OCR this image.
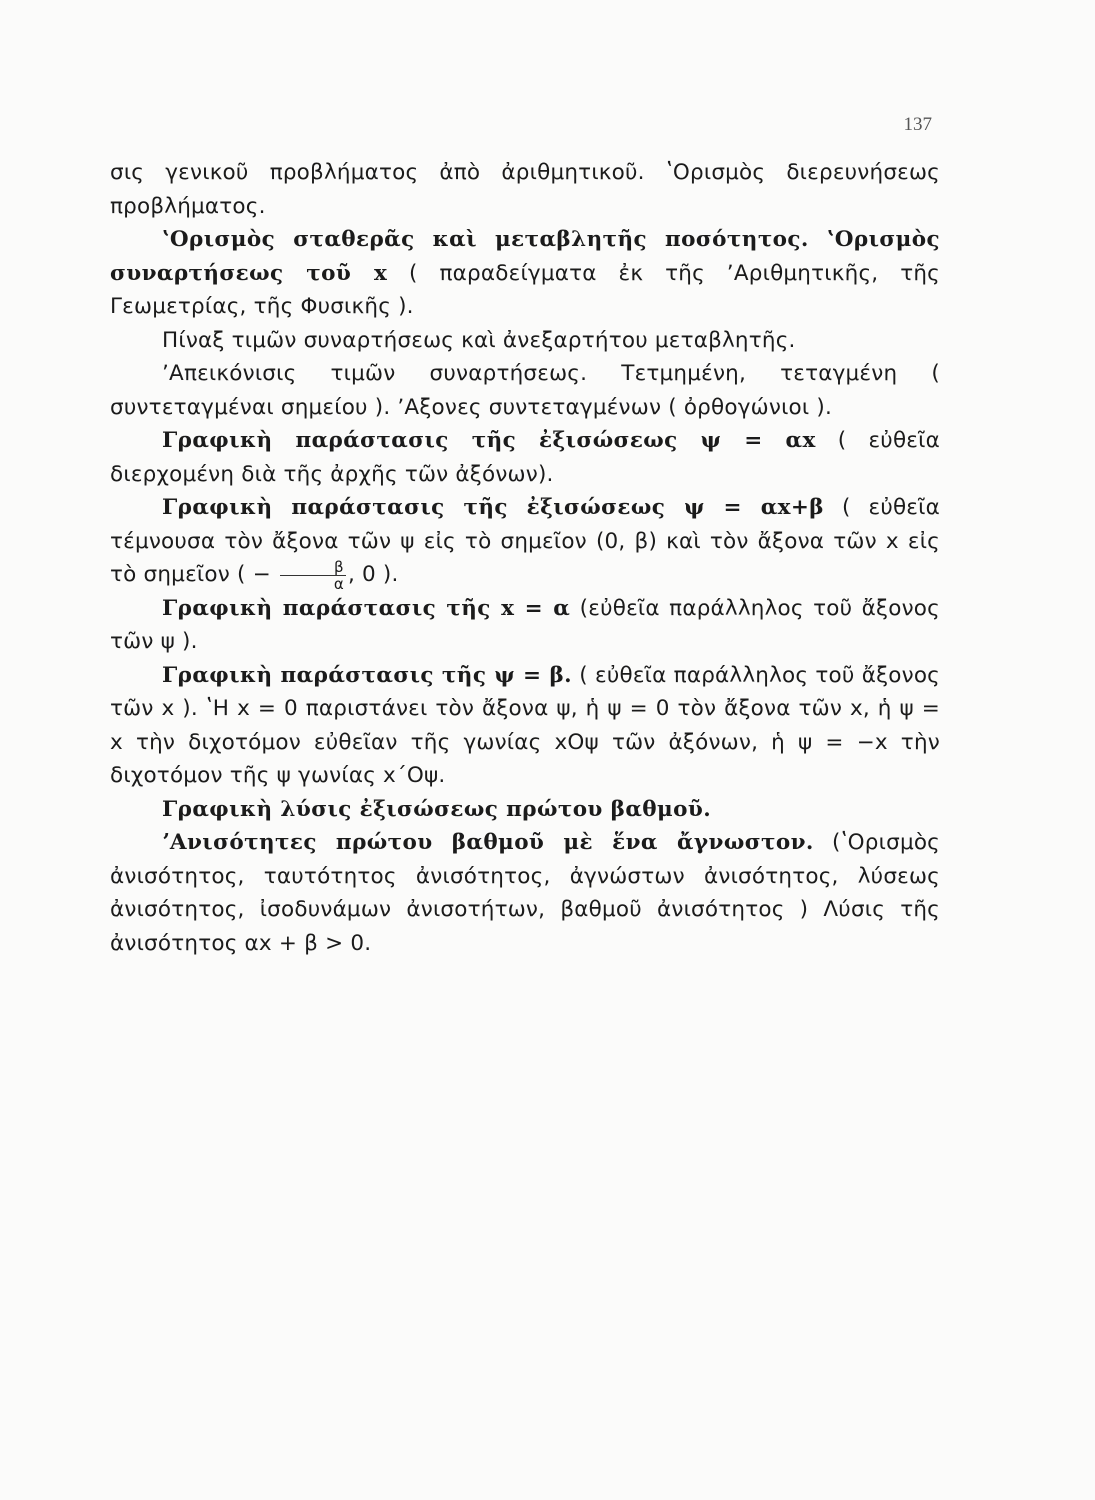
137

σις γενικοῦ προβλήματος ἀπὸ ἀριθμητικοῦ. ʽΟρισμὸς διερευνήσεως προβλήματος.

ʽΟρισμὸς σταθερᾶς καὶ μεταβλητῆς ποσότητος. ʽΟρισμὸς συναρτήσεως τοῦ x ( παραδείγματα ἐκ τῆς ʼΑριθμητικῆς, τῆς Γεωμετρίας, τῆς Φυσικῆς ).

Πίναξ τιμῶν συναρτήσεως καὶ ἀνεξαρτήτου μεταβλητῆς.

ʼΑπεικόνισις τιμῶν συναρτήσεως. Τετμημένη, τεταγμένη ( συντεταγμέναι σημείου ). ʼΑξονες συντεταγμένων ( ὀρθογώνιοι ).

Γραφικὴ παράστασις τῆς ἐξισώσεως ψ = αx ( εὐθεῖα διερχομένη διὰ τῆς ἀρχῆς τῶν ἀξόνων).

Γραφικὴ παράστασις τῆς ἐξισώσεως ψ = αx+β ( εὐθεῖα τέμνουσα τὸν ἄξονα τῶν ψ εἰς τὸ σημεῖον (0, β) καὶ τὸν ἄξονα τῶν x εἰς τὸ σημεῖον ( − $\frac{\beta}{\alpha}$ , 0 ).

Γραφικὴ παράστασις τῆς x = α (εὐθεῖα παράλληλος τοῦ ἄξονος τῶν ψ ).

Γραφικὴ παράστασις τῆς ψ = β. ( εὐθεῖα παράλληλος τοῦ ἄξονος τῶν x ). ʽΗ x = 0 παριστάνει τὸν ἄξονα ψ, ἡ ψ = 0 τὸν ἄξονα τῶν x, ἡ ψ = x τὴν διχοτόμον εὐθεῖαν τῆς γωνίας xOψ τῶν ἀξόνων, ἡ ψ = −x τὴν διχοτόμον τῆς ψ γωνίας x΄Oψ.

Γραφικὴ λύσις ἐξισώσεως πρώτου βαθμοῦ.

ʼΑνισότητες πρώτου βαθμοῦ μὲ ἕνα ἄγνωστον. (ʽΟρισμὸς ἀνισότητος, ταυτότητος ἀνισότητος, ἀγνώστων ἀνισότητος, λύσεως ἀνισότητος, ἰσοδυνάμων ἀνισοτήτων, βαθμοῦ ἀνισότητος ) Λύσις τῆς ἀνισότητος αx + β > 0.
